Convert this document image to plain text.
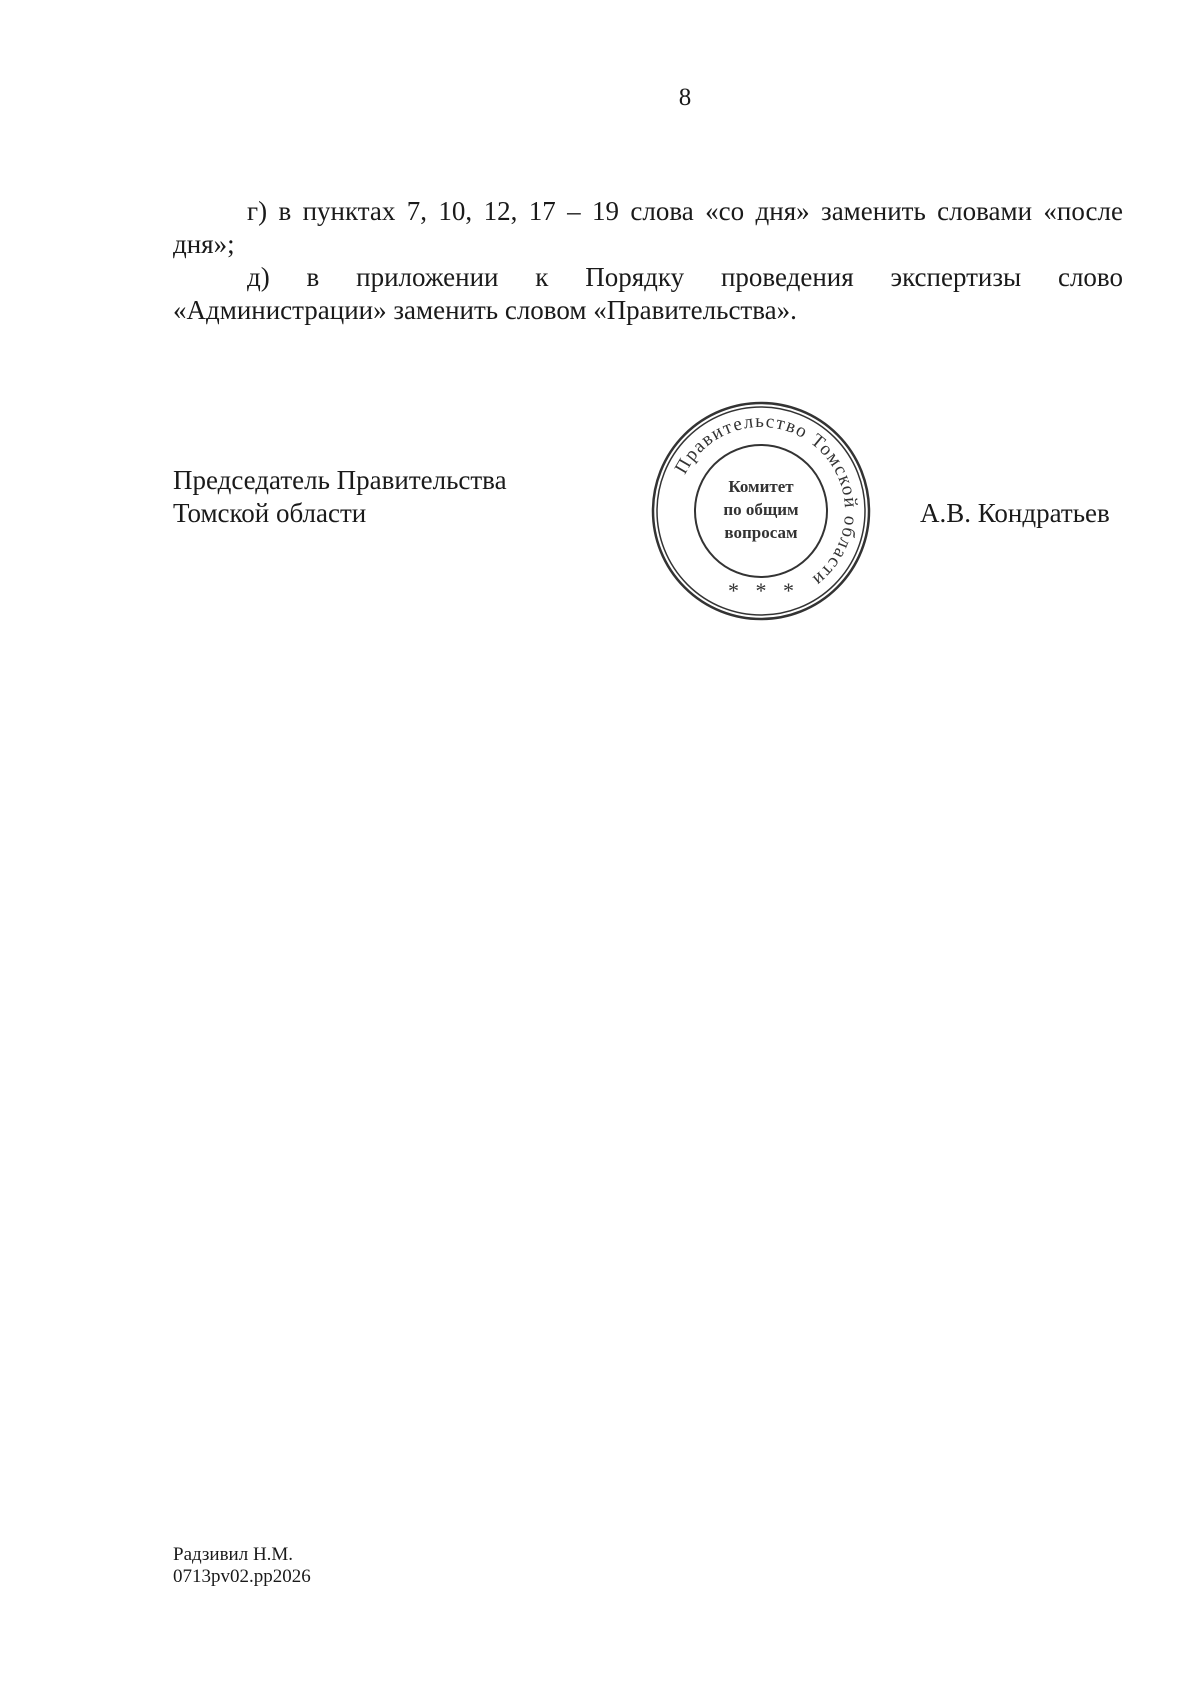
8

г) в пунктах 7, 10, 12, 17 – 19 слова «со дня» заменить словами «после дня»;

д) в приложении к Порядку проведения экспертизы слово

«Администрации» заменить словом «Правительства».

Председатель Правительства
Томской области
Правительство Томской области
Комитет
по общим
вопросам
*   *   *
А.В. Кондратьев
Радзивил Н.М.
0713pv02.pp2026
